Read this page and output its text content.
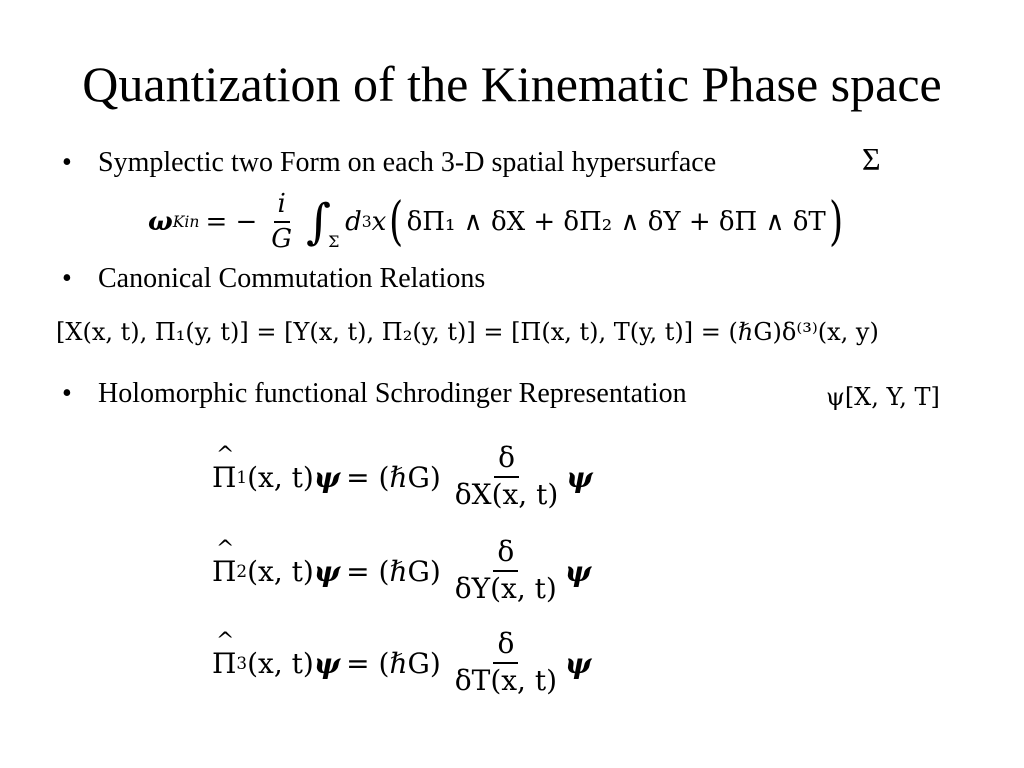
Quantization of the Kinematic Phase space
• Symplectic two Form on each 3-D spatial hypersurface	Σ
ω Kin = − $\frac{i}{G}$ ∫
Σ
d 3 x ( δΠ₁ ∧ δX + δΠ₂ ∧ δY + δΠ ∧ δT )
• Canonical Commutation Relations
[X(x, t), Π₁(y, t)] = [Y(x, t), Π₂(y, t)] = [Π(x, t), T(y, t)] = (ℏG)δ⁽³⁾(x, y)
• Holomorphic functional Schrodinger Representation	ψ[X, Y, T]
^ Π 1 (x, t) ψ = (ℏG) $\frac{\delta}{\delta X(x, t)}$ ψ
^ Π 2 (x, t) ψ = (ℏG) $\frac{\delta}{\delta Y(x, t)}$ ψ
^ Π 3 (x, t) ψ = (ℏG) $\frac{\delta}{\delta T(x, t)}$ ψ
